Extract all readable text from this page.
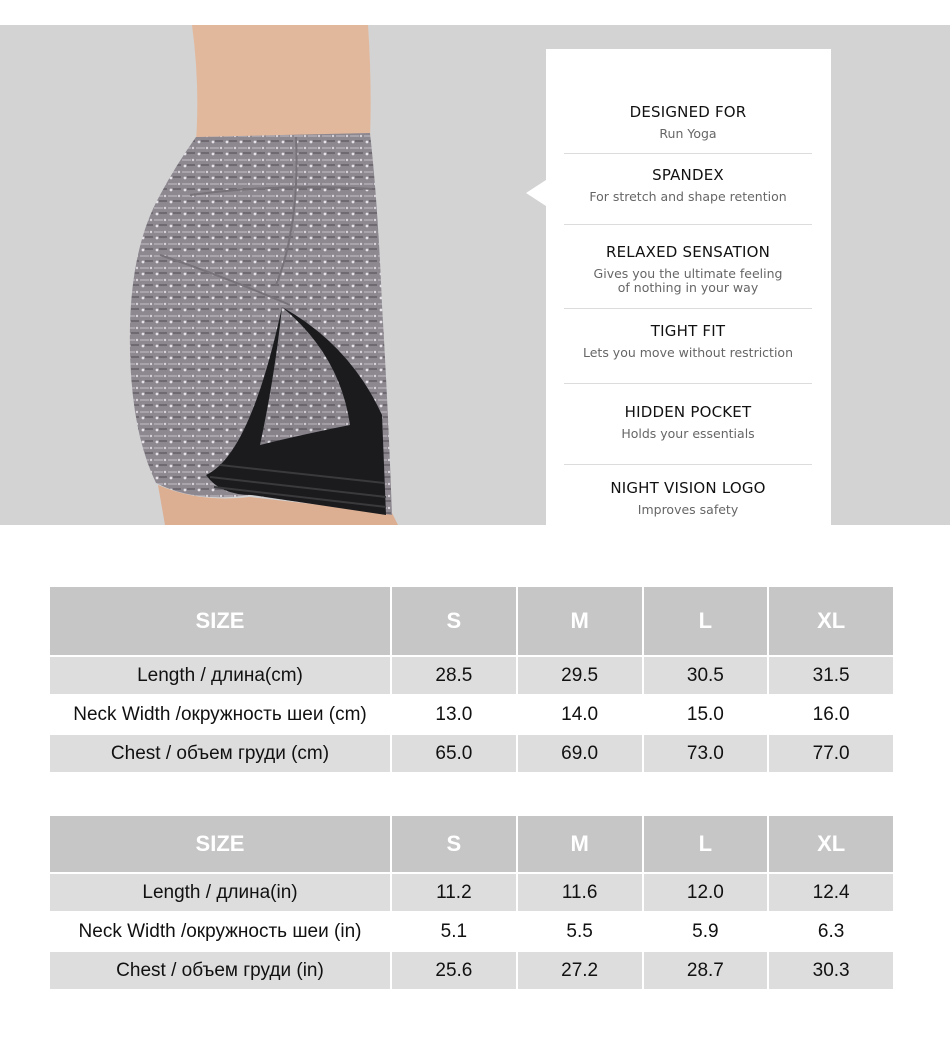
DESIGNED FOR
Run Yoga
SPANDEX
For stretch and shape retention
RELAXED SENSATION
Gives you the ultimate feeling
of nothing in your way
TIGHT FIT
Lets you move without restriction
HIDDEN POCKET
Holds your essentials
NIGHT VISION LOGO
Improves safety
SIZE	S	M	L	XL
Length / длина(cm)	28.5	29.5	30.5	31.5
Neck Width /окружность шеи (cm)	13.0	14.0	15.0	16.0
Chest / объем груди (cm)	65.0	69.0	73.0	77.0
SIZE	S	M	L	XL
Length / длина(in)	11.2	11.6	12.0	12.4
Neck Width /окружность шеи (in)	5.1	5.5	5.9	6.3
Chest / объем груди (in)	25.6	27.2	28.7	30.3
